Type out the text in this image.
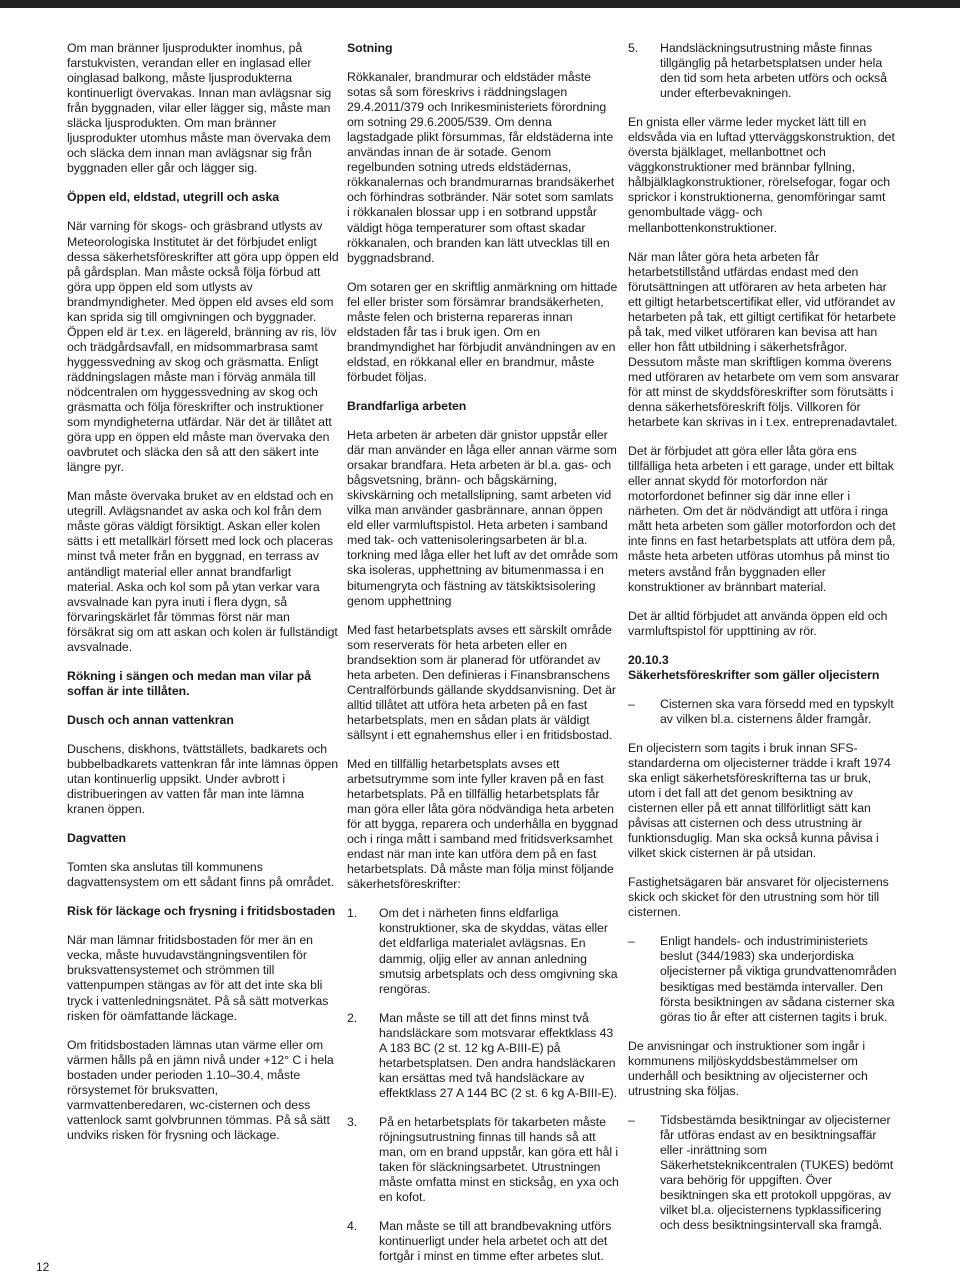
Om man bränner ljusprodukter inomhus, på farstukvisten, verandan eller en inglasad eller oinglasad balkong, måste ljusprodukterna kontinuerligt övervakas. Innan man avlägsnar sig från byggnaden, vilar eller lägger sig, måste man släcka ljusprodukten. Om man bränner ljusprodukter utomhus måste man övervaka dem och släcka dem innan man avlägsnar sig från byggnaden eller går och lägger sig.

Öppen eld, eldstad, utegrill och aska

När varning för skogs- och gräsbrand utlysts av Meteorologiska Institutet är det förbjudet enligt dessa säkerhetsföreskrifter att göra upp öppen eld på gårdsplan. Man måste också följa förbud att göra upp öppen eld som utlysts av brandmyndigheter. Med öppen eld avses eld som kan sprida sig till omgivningen och byggnader. Öppen eld är t.ex. en lägereld, bränning av ris, löv och trädgårdsavfall, en midsommarbrasa samt hyggessvedning av skog och gräsmatta. Enligt räddningslagen måste man i förväg anmäla till nödcentralen om hyggessvedning av skog och gräsmatta och följa föreskrifter och instruktioner som myndigheterna utfärdar. När det är tillåtet att göra upp en öppen eld måste man övervaka den oavbrutet och släcka den så att den säkert inte längre pyr.

Man måste övervaka bruket av en eldstad och en utegrill. Avlägsnandet av aska och kol från dem måste göras väldigt försiktigt. Askan eller kolen sätts i ett metallkärl försett med lock och placeras minst två meter från en byggnad, en terrass av antändligt material eller annat brandfarligt material. Aska och kol som på ytan verkar vara avsvalnade kan pyra inuti i flera dygn, så förvaringskärlet får tömmas först när man försäkrat sig om att askan och kolen är fullständigt avsvalnade.

Rökning i sängen och medan man vilar på soffan är inte tillåten.
Dusch och annan vattenkran

Duschens, diskhons, tvättställets, badkarets och bubbelbadkarets vattenkran får inte lämnas öppen utan kontinuerlig uppsikt. Under avbrott i distribueringen av vatten får man inte lämna kranen öppen.

Dagvatten

Tomten ska anslutas till kommunens dagvattensystem om ett sådant finns på området.

Risk för läckage och frysning i fritidsbostaden

När man lämnar fritidsbostaden för mer än en vecka, måste huvudavstängningsventilen för bruksvattensystemet och strömmen till vattenpumpen stängas av för att det inte ska bli tryck i vattenledningsnätet. På så sätt motverkas risken för oämfattande läckage.

Om fritidsbostaden lämnas utan värme eller om värmen hålls på en jämn nivå under +12° C i hela bostaden under perioden 1.10–30.4, måste rörsystemet för bruksvatten, varmvattenberedaren, wc-cisternen och dess vattenlock samt golvbrunnen tömmas. På så sätt undviks risken för frysning och läckage.

Sotning

Rökkanaler, brandmurar och eldstäder måste sotas så som föreskrivs i räddningslagen 29.4.2011/379 och Inrikesministeriets förordning om sotning 29.6.2005/539. Om denna lagstadgade plikt försummas, får eldstäderna inte användas innan de är sotade. Genom regelbunden sotning utreds eldstädernas, rökkanalernas och brandmurarnas brandsäkerhet och förhindras sotbränder. När sotet som samlats i rökkanalen blossar upp i en sotbrand uppstår väldigt höga temperaturer som oftast skadar rökkanalen, och branden kan lätt utvecklas till en byggnadsbrand.

Om sotaren ger en skriftlig anmärkning om hittade fel eller brister som försämrar brandsäkerheten, måste felen och bristerna repareras innan eldstaden får tas i bruk igen. Om en brandmyndighet har förbjudit användningen av en eldstad, en rökkanal eller en brandmur, måste förbudet följas.

Brandfarliga arbeten

Heta arbeten är arbeten där gnistor uppstår eller där man använder en låga eller annan värme som orsakar brandfara. Heta arbeten är bl.a. gas- och bågsvetsning, bränn- och bågskärning, skivskärning och metallslipning, samt arbeten vid vilka man använder gasbrännare, annan öppen eld eller varmluftspistol. Heta arbeten i samband med tak- och vattenisoleringsarbeten är bl.a. torkning med låga eller het luft av det område som ska isoleras, upphettning av bitumenmassa i en bitumengryta och fästning av tätskiktsisolering genom upphettning

Med fast hetarbetsplats avses ett särskilt område som reserverats för heta arbeten eller en brandsektion som är planerad för utförandet av heta arbeten. Den definieras i Finansbranschens Centralförbunds gällande skyddsanvisning. Det är alltid tillåtet att utföra heta arbeten på en fast hetarbetsplats, men en sådan plats är väldigt sällsynt i ett egnahemshus eller i en fritidsbostad.

Med en tillfällig hetarbetsplats avses ett arbetsutrymme som inte fyller kraven på en fast hetarbetsplats. På en tillfällig hetarbetsplats får man göra eller låta göra nödvändiga heta arbeten för att bygga, reparera och underhålla en byggnad och i ringa mått i samband med fritidsverksamhet endast när man inte kan utföra dem på en fast hetarbetsplats. Då måste man följa minst följande säkerhetsföreskrifter:

1.	Om det i närheten finns eldfarliga konstruktioner, ska de skyddas, vätas eller det eldfarliga materialet avlägsnas. En dammig, oljig eller av annan anledning smutsig arbetsplats och dess omgivning ska rengöras.
2.	Man måste se till att det finns minst två handsläckare som motsvarar effektklass 43 A 183 BC (2 st. 12 kg A-BIII-E) på hetarbetsplatsen. Den andra handsläckaren kan ersättas med två handsläckare av effektklass 27 A 144 BC (2 st. 6 kg A-BIII-E).
3.	På en hetarbetsplats för takarbeten måste röjningsutrustning finnas till hands så att man, om en brand uppstår, kan göra ett hål i taken för släckningsarbetet. Utrustningen måste omfatta minst en sticksåg, en yxa och en kofot.
4.	Man måste se till att brandbevakning utförs kontinuerligt under hela arbetet och att det fortgår i minst en timme efter arbetes slut.
5.	Handsläckningsutrustning måste finnas tillgänglig på hetarbetsplatsen under hela den tid som heta arbeten utförs och också under efterbevakningen.

En gnista eller värme leder mycket lätt till en eldsvåda via en luftad ytterväggskonstruktion, det översta bjälklaget, mellanbottnet och väggkonstruktioner med brännbar fyllning, hålbjälklagkonstruktioner, rörelsefogar, fogar och sprickor i konstruktionerna, genomföringar samt genombultade vägg- och mellanbottenkonstruktioner.

När man låter göra heta arbeten får hetarbetstillstånd utfärdas endast med den förutsättningen att utföraren av heta arbeten har ett giltigt hetarbetscertifikat eller, vid utförandet av hetarbeten på tak, ett giltigt certifikat för hetarbete på tak, med vilket utföraren kan bevisa att han eller hon fått utbildning i säkerhetsfrågor. Dessutom måste man skriftligen komma överens med utföraren av hetarbete om vem som ansvarar för att minst de skyddsföreskrifter som förutsätts i denna säkerhetsföreskrift följs. Villkoren för hetarbete kan skrivas in i t.ex. entreprenadavtalet.

Det är förbjudet att göra eller låta göra ens tillfälliga heta arbeten i ett garage, under ett biltak eller annat skydd för motorfordon när motorfordonet befinner sig där inne eller i närheten. Om det är nödvändigt att utföra i ringa mått heta arbeten som gäller motorfordon och det inte finns en fast hetarbetsplats att utföra dem på, måste heta arbeten utföras utomhus på minst tio meters avstånd från byggnaden eller konstruktioner av brännbart material.

Det är alltid förbjudet att använda öppen eld och varmluftspistol för uppttining av rör.

20.10.3
Säkerhetsföreskrifter som gäller oljecistern
–	Cisternen ska vara försedd med en typskylt av vilken bl.a. cisternens ålder framgår.

En oljecistern som tagits i bruk innan SFS-standarderna om oljecisterner trädde i kraft 1974 ska enligt säkerhetsföreskrifterna tas ur bruk, utom i det fall att det genom besiktning av cisternen eller på ett annat tillförlitligt sätt kan påvisas att cisternen och dess utrustning är funktionsduglig. Man ska också kunna påvisa i vilket skick cisternen är på utsidan.

Fastighetsägaren bär ansvaret för oljecisternens skick och skicket för den utrustning som hör till cisternen.

–	Enligt handels- och industriministeriets beslut (344/1983) ska underjordiska oljecisterner på viktiga grundvattenområden besiktigas med bestämda intervaller. Den första besiktningen av sådana cisterner ska göras tio år efter att cisternen tagits i bruk.

De anvisningar och instruktioner som ingår i kommunens miljöskyddsbestämmelser om underhåll och besiktning av oljecisterner och utrustning ska följas.

–	Tidsbestämda besiktningar av oljecisterner får utföras endast av en besiktningsaffär eller -inrättning som Säkerhetsteknikcentralen (TUKES) bedömt vara behörig för uppgiften. Över besiktningen ska ett protokoll uppgöras, av vilket bl.a. oljecisternens typklassificering och dess besiktningsintervall ska framgå.
12
